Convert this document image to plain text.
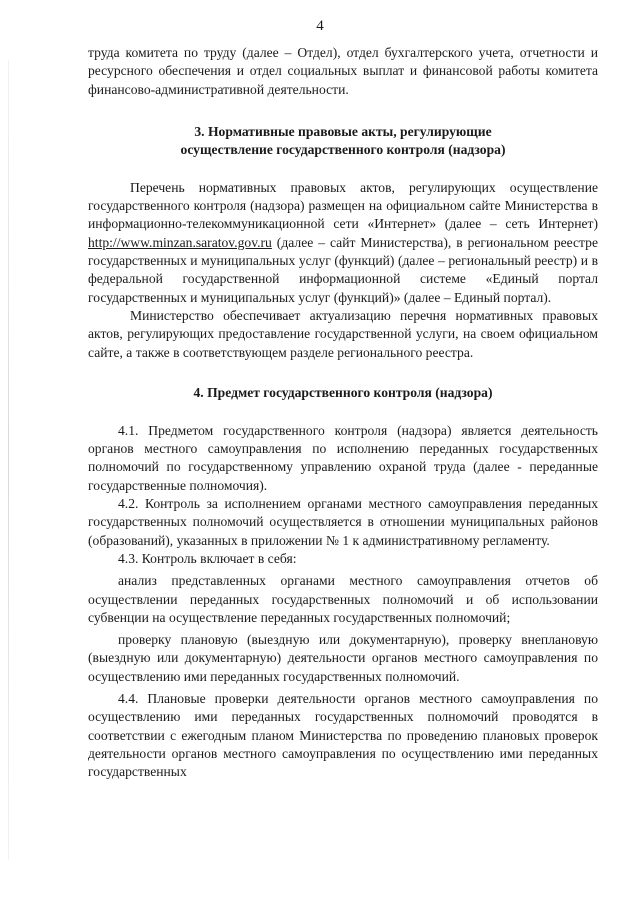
4

труда комитета по труду (далее – Отдел), отдел бухгалтерского учета, отчетности и ресурсного обеспечения и отдел социальных выплат и финансовой работы комитета финансово-административной деятельности.

3. Нормативные правовые акты, регулирующие
осуществление государственного контроля (надзора)

Перечень нормативных правовых актов, регулирующих осуществление государственного контроля (надзора) размещен на официальном сайте Министерства в информационно-телекоммуникационной сети «Интернет» (далее – сеть Интернет) http://www.minzan.saratov.gov.ru (далее – сайт Министерства), в региональном реестре государственных и муниципальных услуг (функций) (далее – региональный реестр) и в федеральной государственной информационной системе «Единый портал государственных и муниципальных услуг (функций)» (далее – Единый портал).

Министерство обеспечивает актуализацию перечня нормативных правовых актов, регулирующих предоставление государственной услуги, на своем официальном сайте, а также в соответствующем разделе регионального реестра.

4. Предмет государственного контроля (надзора)

4.1. Предметом государственного контроля (надзора) является деятельность органов местного самоуправления по исполнению переданных государственных полномочий по государственному управлению охраной труда (далее - переданные государственные полномочия).

4.2. Контроль за исполнением органами местного самоуправления переданных государственных полномочий осуществляется в отношении муниципальных районов (образований), указанных в приложении № 1 к административному регламенту.

4.3. Контроль включает в себя:

анализ представленных органами местного самоуправления отчетов об осуществлении переданных государственных полномочий и об использовании субвенции на осуществление переданных государственных полномочий;

проверку плановую (выездную или документарную), проверку внеплановую (выездную или документарную) деятельности органов местного самоуправления по осуществлению ими переданных государственных полномочий.

4.4. Плановые проверки деятельности органов местного самоуправления по осуществлению ими переданных государственных полномочий проводятся в соответствии с ежегодным планом Министерства по проведению плановых проверок деятельности органов местного самоуправления по осуществлению ими переданных государственных
